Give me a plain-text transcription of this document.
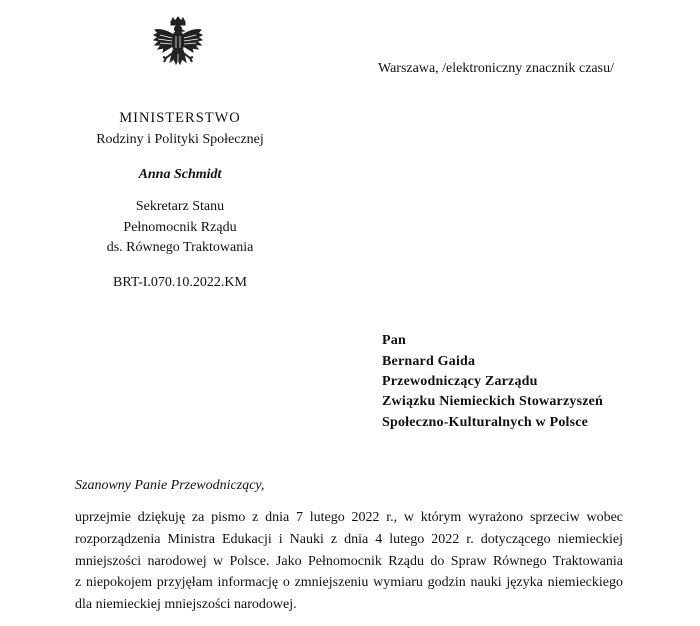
Warszawa, /elektroniczny znacznik czasu/
MINISTERSTWO
Rodziny i Polityki Społecznej
Anna Schmidt
Sekretarz Stanu
Pełnomocnik Rządu
ds. Równego Traktowania
BRT-I.070.10.2022.KM
Pan
Bernard Gaida
Przewodniczący Zarządu
Związku Niemieckich Stowarzyszeń
Społeczno-Kulturalnych w Polsce
Szanowny Panie Przewodniczący,
uprzejmie dziękuję za pismo z dnia 7 lutego 2022 r., w którym wyrażono sprzeciw wobec
rozporządzenia Ministra Edukacji i Nauki z dnia 4 lutego 2022 r. dotyczącego niemieckiej
mniejszości narodowej w Polsce. Jako Pełnomocnik Rządu do Spraw Równego Traktowania
z niepokojem przyjęłam informację o zmniejszeniu wymiaru godzin nauki języka niemieckiego
dla niemieckiej mniejszości narodowej.
